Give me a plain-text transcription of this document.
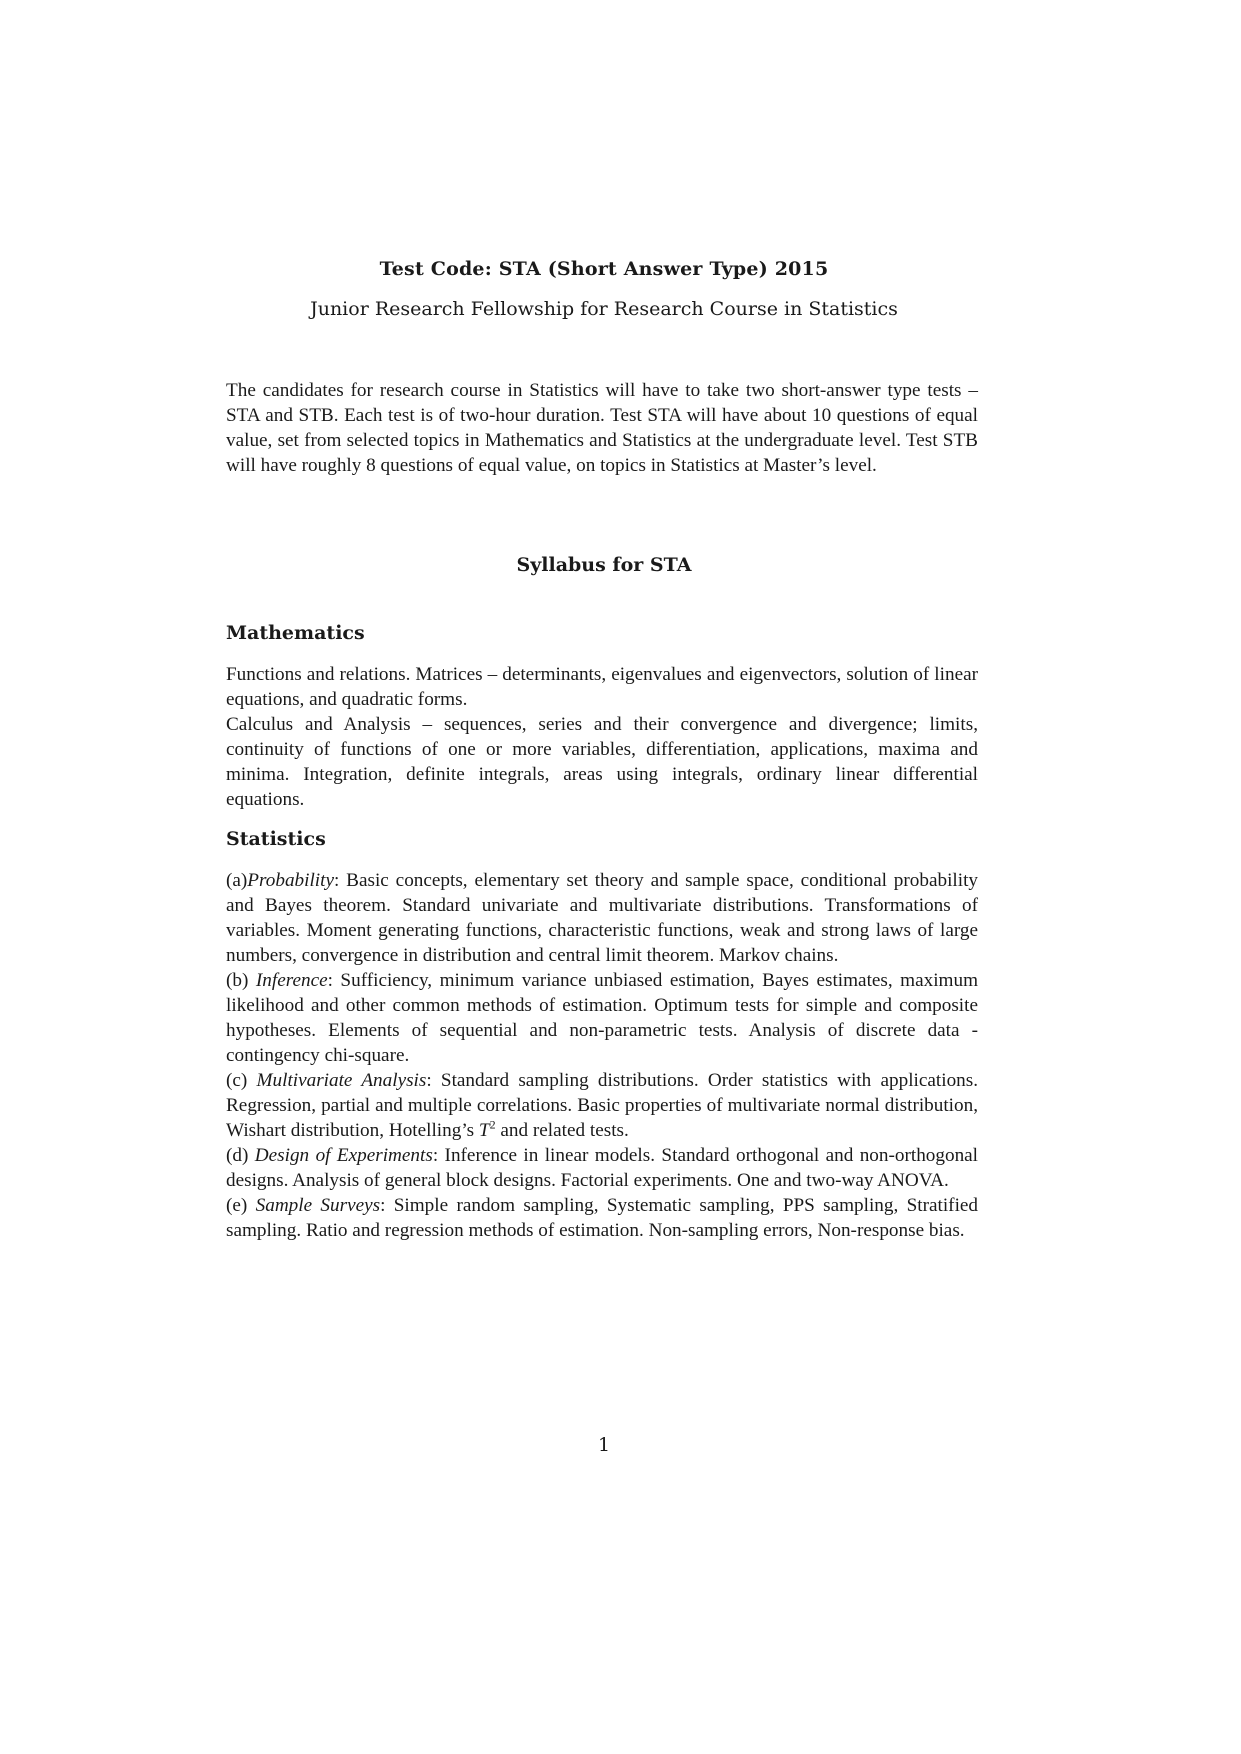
Test Code: STA (Short Answer Type) 2015
Junior Research Fellowship for Research Course in Statistics

The candidates for research course in Statistics will have to take two short-answer type tests – STA and STB. Each test is of two-hour duration. Test STA will have about 10 questions of equal value, set from selected topics in Mathematics and Statistics at the undergraduate level. Test STB will have roughly 8 questions of equal value, on topics in Statistics at Master’s level.

Syllabus for STA
Mathematics

Functions and relations. Matrices – determinants, eigenvalues and eigenvectors, solution of linear equations, and quadratic forms.

Calculus and Analysis – sequences, series and their convergence and divergence; limits, continuity of functions of one or more variables, differentiation, applications, maxima and minima. Integration, definite integrals, areas using integrals, ordinary linear differential equations.

Statistics

(a)Probability: Basic concepts, elementary set theory and sample space, conditional probability and Bayes theorem. Standard univariate and multivariate distributions. Transformations of variables. Moment generating functions, characteristic functions, weak and strong laws of large numbers, convergence in distribution and central limit theorem. Markov chains.

(b) Inference: Sufficiency, minimum variance unbiased estimation, Bayes estimates, maximum likelihood and other common methods of estimation. Optimum tests for simple and composite hypotheses. Elements of sequential and non-parametric tests. Analysis of discrete data - contingency chi-square.

(c) Multivariate Analysis: Standard sampling distributions. Order statistics with applications. Regression, partial and multiple correlations. Basic properties of multivariate normal distribution, Wishart distribution, Hotelling’s $T^2$ and related tests.

(d) Design of Experiments: Inference in linear models. Standard orthogonal and non-orthogonal designs. Analysis of general block designs. Factorial experiments. One and two-way ANOVA.

(e) Sample Surveys: Simple random sampling, Systematic sampling, PPS sampling, Stratified sampling. Ratio and regression methods of estimation. Non-sampling errors, Non-response bias.

1
